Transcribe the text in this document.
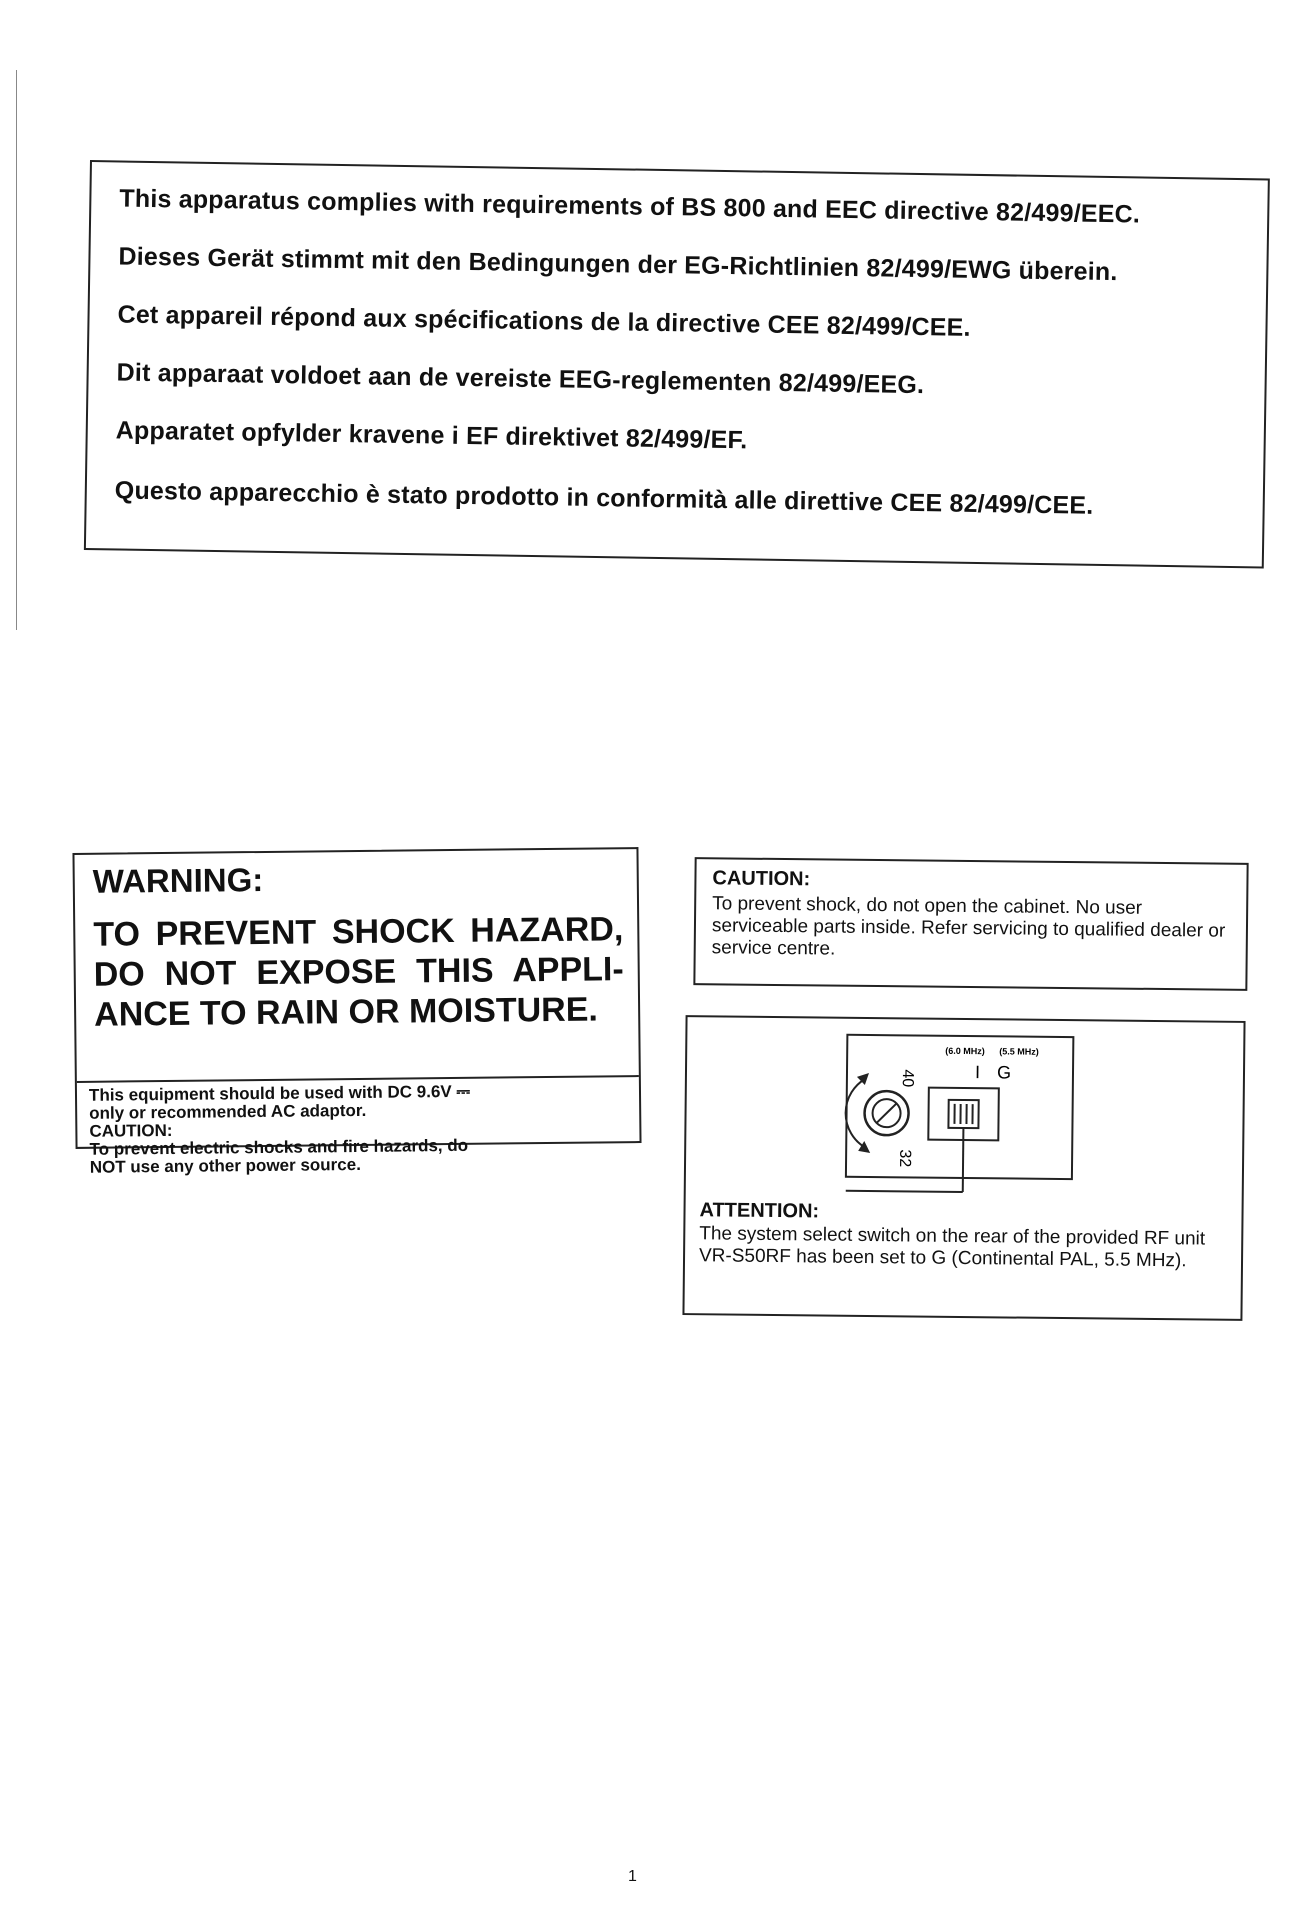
This apparatus complies with requirements of BS 800 and EEC directive 82/499/EEC.

Dieses Gerät stimmt mit den Bedingungen der EG-Richtlinien 82/499/EWG überein.

Cet appareil répond aux spécifications de la directive CEE 82/499/CEE.

Dit apparaat voldoet aan de vereiste EEG-reglementen 82/499/EEG.

Apparatet opfylder kravene i EF direktivet 82/499/EF.

Questo apparecchio è stato prodotto in conformità alle direttive CEE 82/499/CEE.

WARNING:
TO PREVENT SHOCK HAZARD,
DO NOT EXPOSE THIS APPLI-
ANCE TO RAIN OR MOISTURE.
This equipment should be used with DC 9.6V ⎓
only or recommended AC adaptor.
CAUTION:
To prevent electric shocks and fire hazards, do
NOT use any other power source.
CAUTION:
To prevent shock, do not open the cabinet. No user serviceable parts inside. Refer servicing to qualified dealer or service centre.
(6.0 MHz) (5.5 MHz)
I G
40
32
ATTENTION:
The system select switch on the rear of the provided RF unit VR-S50RF has been set to G (Continental PAL, 5.5 MHz).
1
